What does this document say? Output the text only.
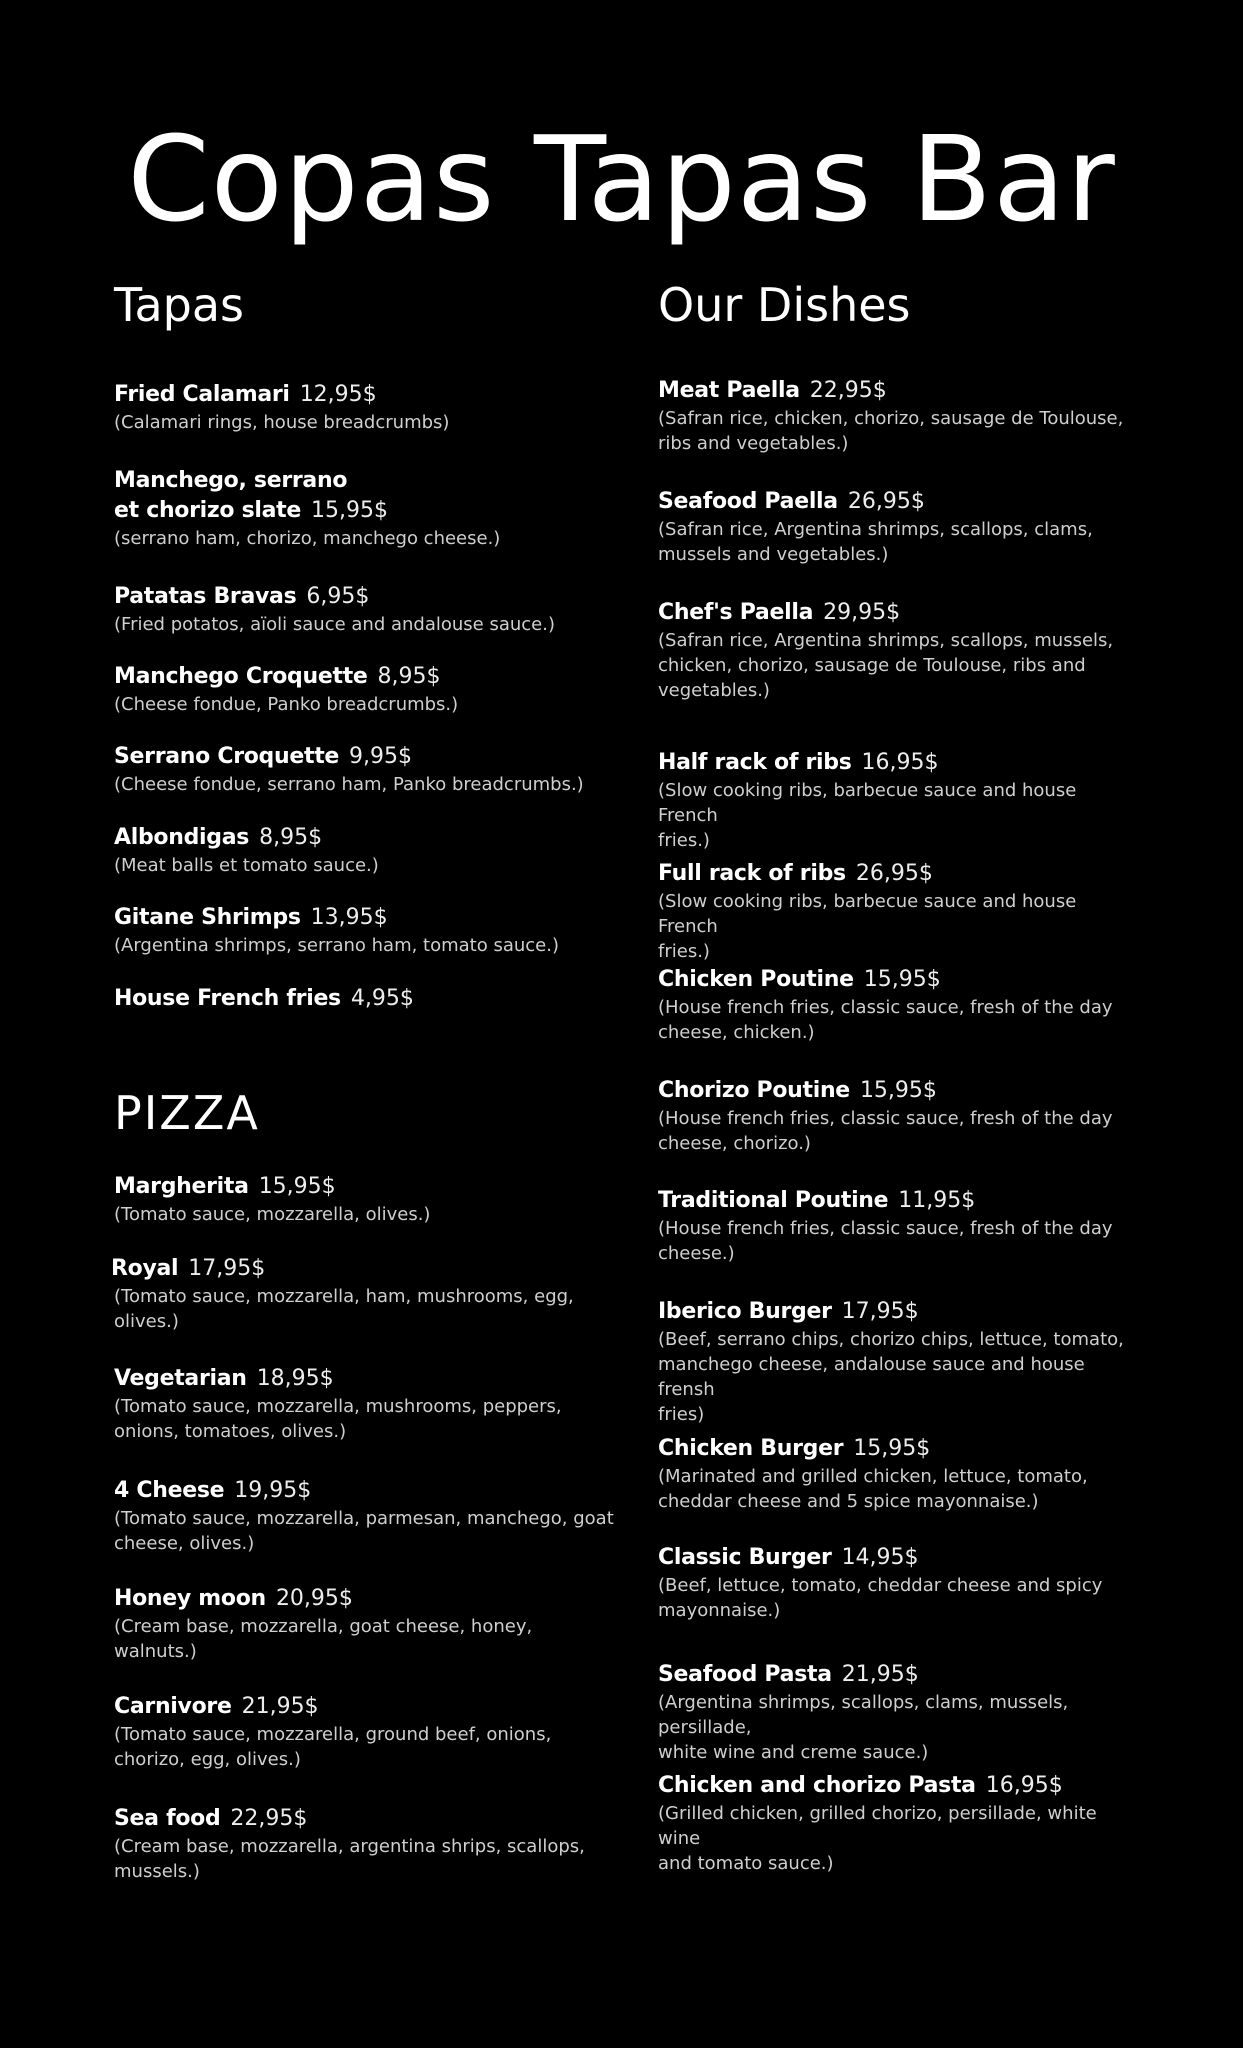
Copas Tapas Bar
Tapas
Fried Calamari 12,95$
(Calamari rings, house breadcrumbs)
Manchego, serrano
et chorizo slate 15,95$
(serrano ham, chorizo, manchego cheese.)
Patatas Bravas 6,95$
(Fried potatos, aïoli sauce and andalouse sauce.)
Manchego Croquette 8,95$
(Cheese fondue, Panko breadcrumbs.)
Serrano Croquette 9,95$
(Cheese fondue, serrano ham, Panko breadcrumbs.)
Albondigas 8,95$
(Meat balls et tomato sauce.)
Gitane Shrimps 13,95$
(Argentina shrimps, serrano ham, tomato sauce.)
House French fries 4,95$
PIZZA
Margherita 15,95$
(Tomato sauce, mozzarella, olives.)
Royal 17,95$
(Tomato sauce, mozzarella, ham, mushrooms, egg,
olives.)
Vegetarian 18,95$
(Tomato sauce, mozzarella, mushrooms, peppers,
onions, tomatoes, olives.)
4 Cheese 19,95$
(Tomato sauce, mozzarella, parmesan, manchego, goat
cheese, olives.)
Honey moon 20,95$
(Cream base, mozzarella, goat cheese, honey,
walnuts.)
Carnivore 21,95$
(Tomato sauce, mozzarella, ground beef, onions,
chorizo, egg, olives.)
Sea food 22,95$
(Cream base, mozzarella, argentina shrips, scallops,
mussels.)
Our Dishes
Meat Paella 22,95$
(Safran rice, chicken, chorizo, sausage de Toulouse,
ribs and vegetables.)
Seafood Paella 26,95$
(Safran rice, Argentina shrimps, scallops, clams,
mussels and vegetables.)
Chef's Paella 29,95$
(Safran rice, Argentina shrimps, scallops, mussels,
chicken, chorizo, sausage de Toulouse, ribs and
vegetables.)
Half rack of ribs 16,95$
(Slow cooking ribs, barbecue sauce and house French
fries.)
Full rack of ribs 26,95$
(Slow cooking ribs, barbecue sauce and house French
fries.)
Chicken Poutine 15,95$
(House french fries, classic sauce, fresh of the day
cheese, chicken.)
Chorizo Poutine 15,95$
(House french fries, classic sauce, fresh of the day
cheese, chorizo.)
Traditional Poutine 11,95$
(House french fries, classic sauce, fresh of the day
cheese.)
Iberico Burger 17,95$
(Beef, serrano chips, chorizo chips, lettuce, tomato,
manchego cheese, andalouse sauce and house frensh
fries)
Chicken Burger 15,95$
(Marinated and grilled chicken, lettuce, tomato,
cheddar cheese and 5 spice mayonnaise.)
Classic Burger 14,95$
(Beef, lettuce, tomato, cheddar cheese and spicy
mayonnaise.)
Seafood Pasta 21,95$
(Argentina shrimps, scallops, clams, mussels, persillade,
white wine and creme sauce.)
Chicken and chorizo Pasta 16,95$
(Grilled chicken, grilled chorizo, persillade, white wine
and tomato sauce.)
